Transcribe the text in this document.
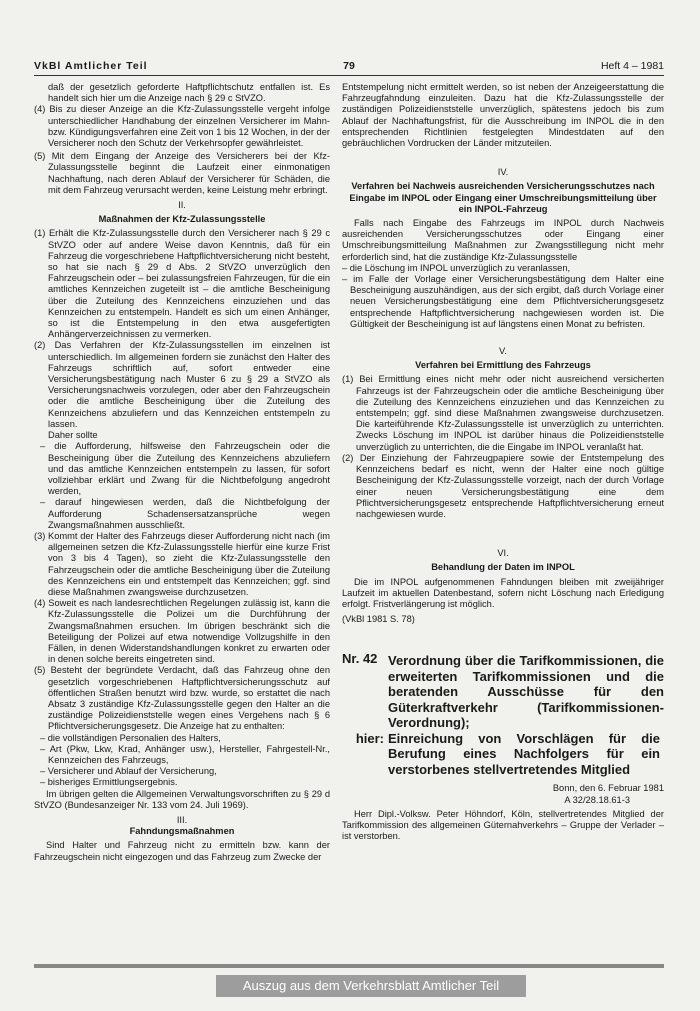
VkBl Amtlicher Teil	79	Heft 4 – 1981

daß der gesetzlich geforderte Haftpflichtschutz entfallen ist. Es handelt sich hier um die Anzeige nach § 29 c StVZO.

(4) Bis zu dieser Anzeige an die Kfz-Zulassungsstelle vergeht infolge unterschiedlicher Handhabung der einzelnen Versicherer im Mahn- bzw. Kündigungsverfahren eine Zeit von 1 bis 12 Wochen, in der der Versicherer noch den Schutz der Verkehrsopfer gewährleistet.

(5) Mit dem Eingang der Anzeige des Versicherers bei der Kfz-Zulassungsstelle beginnt die Laufzeit einer einmonatigen Nachhaftung, nach deren Ablauf der Versicherer für Schäden, die mit dem Fahrzeug verursacht werden, keine Leistung mehr erbringt.

II.

Maßnahmen der Kfz-Zulassungsstelle

(1) Erhält die Kfz-Zulassungsstelle durch den Versicherer nach § 29 c StVZO oder auf andere Weise davon Kenntnis, daß für ein Fahrzeug die vorgeschriebene Haftpflichtversicherung nicht besteht, so hat sie nach § 29 d Abs. 2 StVZO unverzüglich den Fahrzeugschein oder – bei zulassungsfreien Fahrzeugen, für die ein amtliches Kennzeichen zugeteilt ist – die amtliche Bescheinigung über die Zuteilung des Kennzeichens einzuziehen und das Kennzeichen zu entstempeln. Handelt es sich um einen Anhänger, so ist die Entstempelung in den etwa ausgefertigten Anhängerverzeichnissen zu vermerken.

(2) Das Verfahren der Kfz-Zulassungsstellen im einzelnen ist unterschiedlich. Im allgemeinen fordern sie zunächst den Halter des Fahrzeugs schriftlich auf, sofort entweder eine Versicherungsbestätigung nach Muster 6 zu § 29 a StVZO als Versicherungsnachweis vorzulegen, oder aber den Fahrzeugschein oder die amtliche Bescheinigung über die Zuteilung des Kennzeichens abzuliefern und das Kennzeichen entstempeln zu lassen.

Daher sollte

– die Aufforderung, hilfsweise den Fahrzeugschein oder die Bescheinigung über die Zuteilung des Kennzeichens abzuliefern und das amtliche Kennzeichen entstempeln zu lassen, für sofort vollziehbar erklärt und Zwang für die Nichtbefolgung angedroht werden,

– darauf hingewiesen werden, daß die Nichtbefolgung der Aufforderung Schadensersatzansprüche wegen Zwangsmaßnahmen ausschließt.

(3) Kommt der Halter des Fahrzeugs dieser Aufforderung nicht nach (im allgemeinen setzen die Kfz-Zulassungsstelle hierfür eine kurze Frist von 3 bis 4 Tagen), so zieht die Kfz-Zulassungsstelle den Fahrzeugschein oder die amtliche Bescheinigung über die Zuteilung des Kennzeichens ein und entstempelt das Kennzeichen; ggf. sind diese Maßnahmen zwangsweise durchzusetzen.

(4) Soweit es nach landesrechtlichen Regelungen zulässig ist, kann die Kfz-Zulassungsstelle die Polizei um die Durchführung der Zwangsmaßnahmen ersuchen. Im übrigen beschränkt sich die Beteiligung der Polizei auf etwa notwendige Vollzugshilfe in den Fällen, in denen Widerstandshandlungen konkret zu erwarten oder in denen solche bereits eingetreten sind.

(5) Besteht der begründete Verdacht, daß das Fahrzeug ohne den gesetzlich vorgeschriebenen Haftpflichtversicherungsschutz auf öffentlichen Straßen benutzt wird bzw. wurde, so erstattet die nach Absatz 3 zuständige Kfz-Zulassungsstelle gegen den Halter an die zuständige Polizeidienststelle wegen eines Vergehens nach § 6 Pflichtversicherungsgesetz. Die Anzeige hat zu enthalten:

– die vollständigen Personalien des Halters,

– Art (Pkw, Lkw, Krad, Anhänger usw.), Hersteller, Fahrgestell-Nr., Kennzeichen des Fahrzeugs,

– Versicherer und Ablauf der Versicherung,

– bisheriges Ermittlungsergebnis.

Im übrigen gelten die Allgemeinen Verwaltungsvorschriften zu § 29 d StVZO (Bundesanzeiger Nr. 133 vom 24. Juli 1969).

III.

Fahndungsmaßnahmen

Sind Halter und Fahrzeug nicht zu ermitteln bzw. kann der Fahrzeugschein nicht eingezogen und das Fahrzeug zum Zwecke der

Entstempelung nicht ermittelt werden, so ist neben der Anzeigeerstattung die Fahrzeugfahndung einzuleiten. Dazu hat die Kfz-Zulassungsstelle der zuständigen Polizeidienststelle unverzüglich, spätestens jedoch bis zum Ablauf der Nachhaftungsfrist, für die Ausschreibung im INPOL die in den entsprechenden Richtlinien festgelegten Mindestdaten auf den gebräuchlichen Vordrucken der Länder mitzuteilen.

IV.

Verfahren bei Nachweis ausreichenden Versicherungsschutzes nach Eingabe im INPOL oder Eingang einer Umschreibungsmitteilung über ein INPOL-Fahrzeug

Falls nach Eingabe des Fahrzeugs im INPOL durch Nachweis ausreichenden Versicherungsschutzes oder Eingang einer Umschreibungsmitteilung Maßnahmen zur Zwangsstillegung nicht mehr erforderlich sind, hat die zuständige Kfz-Zulassungsstelle

– die Löschung im INPOL unverzüglich zu veranlassen,

– im Falle der Vorlage einer Versicherungsbestätigung dem Halter eine Bescheinigung auszuhändigen, aus der sich ergibt, daß durch Vorlage einer neuen Versicherungsbestätigung eine dem Pflichtversicherungsgesetz entsprechende Haftpflichtversicherung nachgewiesen worden ist. Die Gültigkeit der Bescheinigung ist auf längstens einen Monat zu befristen.

V.

Verfahren bei Ermittlung des Fahrzeugs

(1) Bei Ermittlung eines nicht mehr oder nicht ausreichend versicherten Fahrzeugs ist der Fahrzeugschein oder die amtliche Bescheinigung über die Zuteilung des Kennzeichens einzuziehen und das Kennzeichen zu entstempeln; ggf. sind diese Maßnahmen zwangsweise durchzusetzen. Die karteiführende Kfz-Zulassungsstelle ist unverzüglich zu unterrichten. Zwecks Löschung im INPOL ist darüber hinaus die Polizeidienststelle unverzüglich zu unterrichten, die die Eingabe im INPOL veranlaßt hat.

(2) Der Einziehung der Fahrzeugpapiere sowie der Entstempelung des Kennzeichens bedarf es nicht, wenn der Halter eine noch gültige Bescheinigung der Kfz-Zulassungsstelle vorzeigt, nach der durch Vorlage einer neuen Versicherungsbestätigung eine dem Pflichtversicherungsgesetz entsprechende Haftpflichtversicherung erneut nachgewiesen wurde.

VI.

Behandlung der Daten im INPOL

Die im INPOL aufgenommenen Fahndungen bleiben mit zweijähriger Laufzeit im aktuellen Datenbestand, sofern nicht Löschung nach Erledigung erfolgt. Fristverlängerung ist möglich.

(VkBl 1981 S. 78)

Nr. 42 Verordnung über die Tarifkommissionen, die erweiterten Tarifkommissionen und die beratenden Ausschüsse für den Güterkraftverkehr (Tarifkommissionen-Verordnung);

hier: Einreichung von Vorschlägen für die Berufung eines Nachfolgers für ein verstorbenes stellvertretendes Mitglied

Bonn, den 6. Februar 1981

A 32/28.18.61-3

Herr Dipl.-Volksw. Peter Höhndorf, Köln, stellvertretendes Mitglied der Tarifkommission des allgemeinen Güternahverkehrs – Gruppe der Verlader – ist verstorben.

Auszug aus dem Verkehrsblatt Amtlicher Teil
